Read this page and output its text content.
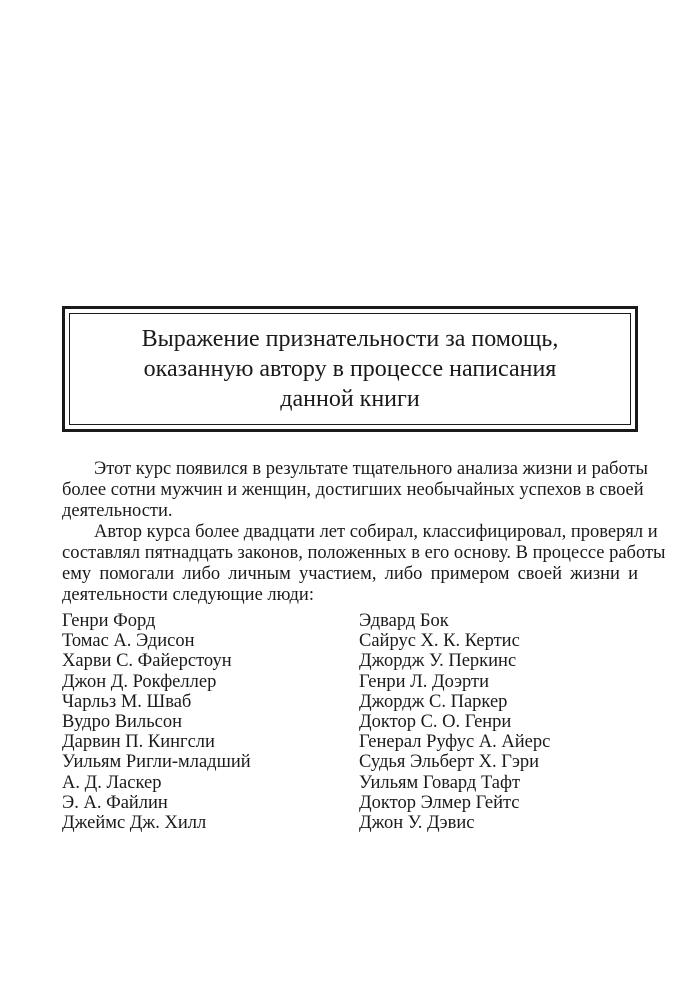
Выражение признательности за помощь,
оказанную автору в процессе написания
данной книги

Этот курс появился в результате тщательного анализа жизни и работы
более сотни мужчин и женщин, достигших необычайных успехов в своей
деятельности.

Автор курса более двадцати лет собирал, классифицировал, проверял и
составлял пятнадцать законов, положенных в его основу. В процессе работы
ему помогали либо личным участием, либо примером своей жизни и
деятельности следующие люди:

Генри Форд
Томас А. Эдисон
Харви С. Файерстоун
Джон Д. Рокфеллер
Чарльз М. Шваб
Вудро Вильсон
Дарвин П. Кингсли
Уильям Ригли-младший
А. Д. Ласкер
Э. А. Файлин
Джеймс Дж. Хилл
Эдвард Бок
Сайрус Х. К. Кертис
Джордж У. Перкинс
Генри Л. Доэрти
Джордж С. Паркер
Доктор С. О. Генри
Генерал Руфус А. Айерс
Судья Эльберт Х. Гэри
Уильям Говард Тафт
Доктор Элмер Гейтс
Джон У. Дэвис
